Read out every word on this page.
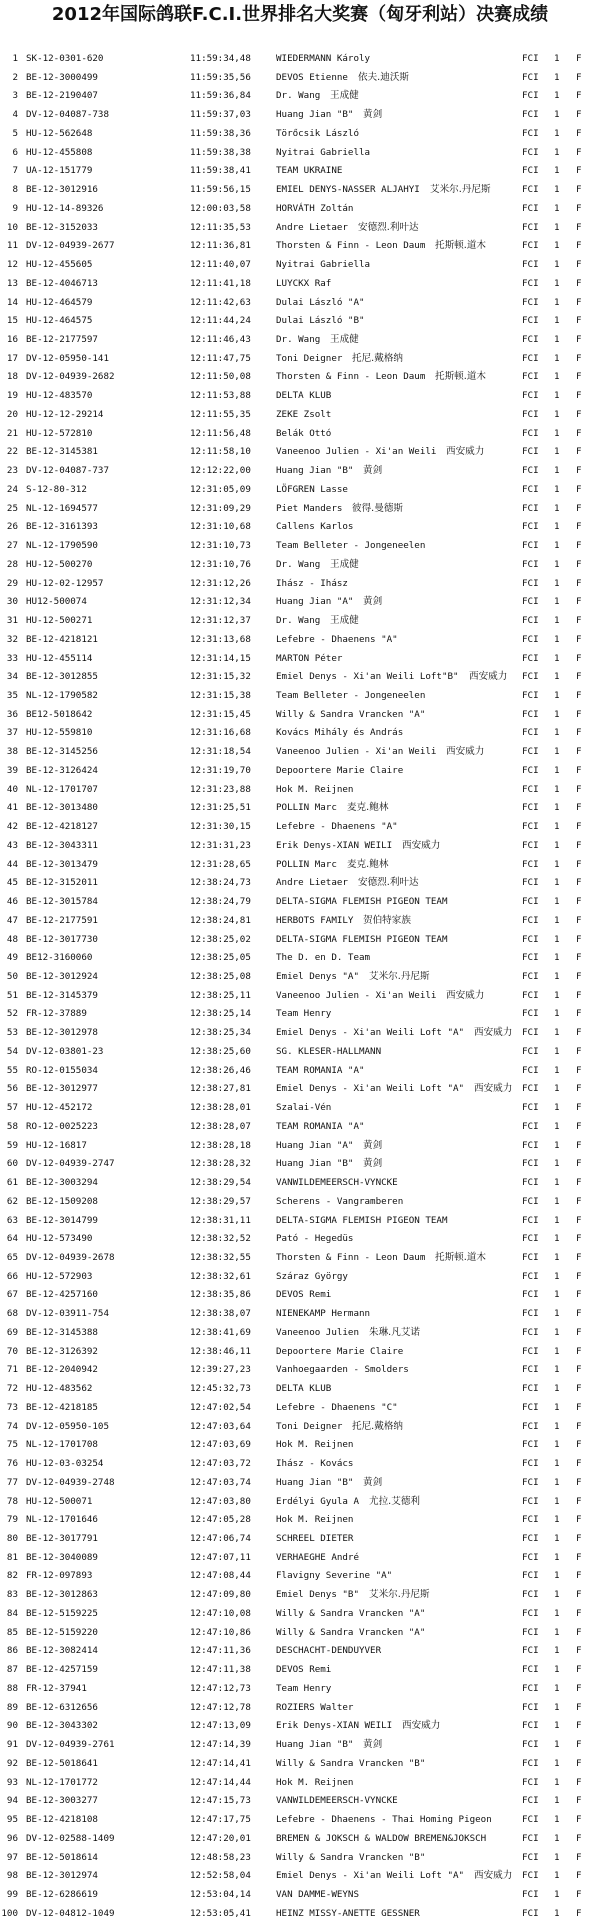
2012年国际鸽联F.C.I.世界排名大奖赛（匈牙利站）决赛成绩
1 SK-12-0301-620	11:59:34,48	WIEDERMANN Károly	FCI 1 F
2 BE-12-3000499	11:59:35,56	DEVOS Etienne 依夫.迪沃斯	FCI 1 F
3 BE-12-2190407	11:59:36,84	Dr. Wang 王成健	FCI 1 F
4 DV-12-04087-738	11:59:37,03	Huang Jian "B" 黄剑	FCI 1 F
5 HU-12-562648	11:59:38,36	Törőcsik László	FCI 1 F
6 HU-12-455808	11:59:38,38	Nyitrai Gabriella	FCI 1 F
7 UA-12-151779	11:59:38,41	TEAM UKRAINE	FCI 1 F
8 BE-12-3012916	11:59:56,15	EMIEL DENYS-NASSER ALJAHYI 艾米尔.丹尼斯	FCI 1 F
9 HU-12-14-89326	12:00:03,58	HORVÁTH Zoltán	FCI 1 F
10 BE-12-3152033	12:11:35,53	Andre Lietaer 安德烈.利叶达	FCI 1 F
11 DV-12-04939-2677	12:11:36,81	Thorsten & Finn - Leon Daum 托斯顿.道木	FCI 1 F
12 HU-12-455605	12:11:40,07	Nyitrai Gabriella	FCI 1 F
13 BE-12-4046713	12:11:41,18	LUYCKX Raf	FCI 1 F
14 HU-12-464579	12:11:42,63	Dulai László "A"	FCI 1 F
15 HU-12-464575	12:11:44,24	Dulai László "B"	FCI 1 F
16 BE-12-2177597	12:11:46,43	Dr. Wang 王成健	FCI 1 F
17 DV-12-05950-141	12:11:47,75	Toni Deigner 托尼.戴格纳	FCI 1 F
18 DV-12-04939-2682	12:11:50,08	Thorsten & Finn - Leon Daum 托斯顿.道木	FCI 1 F
19 HU-12-483570	12:11:53,88	DELTA KLUB	FCI 1 F
20 HU-12-12-29214	12:11:55,35	ZEKE Zsolt	FCI 1 F
21 HU-12-572810	12:11:56,48	Belák Ottó	FCI 1 F
22 BE-12-3145381	12:11:58,10	Vaneenoo Julien - Xi'an Weili 西安威力	FCI 1 F
23 DV-12-04087-737	12:12:22,00	Huang Jian "B" 黄剑	FCI 1 F
24 S-12-80-312	12:31:05,09	LÖFGREN Lasse	FCI 1 F
25 NL-12-1694577	12:31:09,29	Piet Manders 彼得.曼德斯	FCI 1 F
26 BE-12-3161393	12:31:10,68	Callens Karlos	FCI 1 F
27 NL-12-1790590	12:31:10,73	Team Belleter - Jongeneelen	FCI 1 F
28 HU-12-500270	12:31:10,76	Dr. Wang 王成健	FCI 1 F
29 HU-12-02-12957	12:31:12,26	Ihász - Ihász	FCI 1 F
30 HU12-500074	12:31:12,34	Huang Jian "A" 黄剑	FCI 1 F
31 HU-12-500271	12:31:12,37	Dr. Wang 王成健	FCI 1 F
32 BE-12-4218121	12:31:13,68	Lefebre - Dhaenens "A"	FCI 1 F
33 HU-12-455114	12:31:14,15	MARTON Péter	FCI 1 F
34 BE-12-3012855	12:31:15,32	Emiel Denys - Xi'an Weili Loft"B" 西安威力 FCI 1 F
35 NL-12-1790582	12:31:15,38	Team Belleter - Jongeneelen	FCI 1 F
36 BE12-5018642	12:31:15,45	Willy & Sandra Vrancken "A"	FCI 1 F
37 HU-12-559810	12:31:16,68	Kovács Mihály és András	FCI 1 F
38 BE-12-3145256	12:31:18,54	Vaneenoo Julien - Xi'an Weili 西安威力	FCI 1 F
39 BE-12-3126424	12:31:19,70	Depoortere Marie Claire	FCI 1 F
40 NL-12-1701707	12:31:23,88	Hok M. Reijnen	FCI 1 F
41 BE-12-3013480	12:31:25,51	POLLIN Marc 麦克.鲍林	FCI 1 F
42 BE-12-4218127	12:31:30,15	Lefebre - Dhaenens "A"	FCI 1 F
43 BE-12-3043311	12:31:31,23	Erik Denys-XIAN WEILI 西安威力	FCI 1 F
44 BE-12-3013479	12:31:28,65	POLLIN Marc 麦克.鲍林	FCI 1 F
45 BE-12-3152011	12:38:24,73	Andre Lietaer 安德烈.利叶达	FCI 1 F
46 BE-12-3015784	12:38:24,79	DELTA-SIGMA FLEMISH PIGEON TEAM	FCI 1 F
47 BE-12-2177591	12:38:24,81	HERBOTS FAMILY 贺伯特家族	FCI 1 F
48 BE-12-3017730	12:38:25,02	DELTA-SIGMA FLEMISH PIGEON TEAM	FCI 1 F
49 BE12-3160060	12:38:25,05	The D. en D. Team	FCI 1 F
50 BE-12-3012924	12:38:25,08	Emiel Denys "A" 艾米尔.丹尼斯	FCI 1 F
51 BE-12-3145379	12:38:25,11	Vaneenoo Julien - Xi'an Weili 西安威力	FCI 1 F
52 FR-12-37889	12:38:25,14	Team Henry	FCI 1 F
53 BE-12-3012978	12:38:25,34	Emiel Denys - Xi'an Weili Loft "A" 西安威力 FCI 1 F
54 DV-12-03801-23	12:38:25,60	SG. KLESER-HALLMANN	FCI 1 F
55 RO-12-0155034	12:38:26,46	TEAM ROMANIA "A"	FCI 1 F
56 BE-12-3012977	12:38:27,81	Emiel Denys - Xi'an Weili Loft "A" 西安威力 FCI 1 F
57 HU-12-452172	12:38:28,01	Szalai-Vén	FCI 1 F
58 RO-12-0025223	12:38:28,07	TEAM ROMANIA "A"	FCI 1 F
59 HU-12-16817	12:38:28,18	Huang Jian "A" 黄剑	FCI 1 F
60 DV-12-04939-2747	12:38:28,32	Huang Jian "B" 黄剑	FCI 1 F
61 BE-12-3003294	12:38:29,54	VANWILDEMEERSCH-VYNCKE	FCI 1 F
62 BE-12-1509208	12:38:29,57	Scherens - Vangramberen	FCI 1 F
63 BE-12-3014799	12:38:31,11	DELTA-SIGMA FLEMISH PIGEON TEAM	FCI 1 F
64 HU-12-573490	12:38:32,52	Pató - Hegedüs	FCI 1 F
65 DV-12-04939-2678	12:38:32,55	Thorsten & Finn - Leon Daum 托斯顿.道木	FCI 1 F
66 HU-12-572903	12:38:32,61	Száraz György	FCI 1 F
67 BE-12-4257160	12:38:35,86	DEVOS Remi	FCI 1 F
68 DV-12-03911-754	12:38:38,07	NIENEKAMP Hermann	FCI 1 F
69 BE-12-3145388	12:38:41,69	Vaneenoo Julien 朱琳.凡艾诺	FCI 1 F
70 BE-12-3126392	12:38:46,11	Depoortere Marie Claire	FCI 1 F
71 BE-12-2040942	12:39:27,23	Vanhoegaarden - Smolders	FCI 1 F
72 HU-12-483562	12:45:32,73	DELTA KLUB	FCI 1 F
73 BE-12-4218185	12:47:02,54	Lefebre - Dhaenens "C"	FCI 1 F
74 DV-12-05950-105	12:47:03,64	Toni Deigner 托尼.戴格纳	FCI 1 F
75 NL-12-1701708	12:47:03,69	Hok M. Reijnen	FCI 1 F
76 HU-12-03-03254	12:47:03,72	Ihász - Kovács	FCI 1 F
77 DV-12-04939-2748	12:47:03,74	Huang Jian "B" 黄剑	FCI 1 F
78 HU-12-500071	12:47:03,80	Erdélyi Gyula A 尤拉.艾德利	FCI 1 F
79 NL-12-1701646	12:47:05,28	Hok M. Reijnen	FCI 1 F
80 BE-12-3017791	12:47:06,74	SCHREEL DIETER	FCI 1 F
81 BE-12-3040089	12:47:07,11	VERHAEGHE André	FCI 1 F
82 FR-12-097893	12:47:08,44	Flavigny Severine "A"	FCI 1 F
83 BE-12-3012863	12:47:09,80	Emiel Denys "B" 艾米尔.丹尼斯	FCI 1 F
84 BE-12-5159225	12:47:10,08	Willy & Sandra Vrancken "A"	FCI 1 F
85 BE-12-5159220	12:47:10,86	Willy & Sandra Vrancken "A"	FCI 1 F
86 BE-12-3082414	12:47:11,36	DESCHACHT-DENDUYVER	FCI 1 F
87 BE-12-4257159	12:47:11,38	DEVOS Remi	FCI 1 F
88 FR-12-37941	12:47:12,73	Team Henry	FCI 1 F
89 BE-12-6312656	12:47:12,78	ROZIERS Walter	FCI 1 F
90 BE-12-3043302	12:47:13,09	Erik Denys-XIAN WEILI 西安威力	FCI 1 F
91 DV-12-04939-2761	12:47:14,39	Huang Jian "B" 黄剑	FCI 1 F
92 BE-12-5018641	12:47:14,41	Willy & Sandra Vrancken "B"	FCI 1 F
93 NL-12-1701772	12:47:14,44	Hok M. Reijnen	FCI 1 F
94 BE-12-3003277	12:47:15,73	VANWILDEMEERSCH-VYNCKE	FCI 1 F
95 BE-12-4218108	12:47:17,75	Lefebre - Dhaenens - Thai Homing Pigeon	FCI 1 F
96 DV-12-02588-1409	12:47:20,01	BREMEN & JOKSCH & WALDOW BREMEN&JOKSCH	FCI 1 F
97 BE-12-5018614	12:48:58,23	Willy & Sandra Vrancken "B"	FCI 1 F
98 BE-12-3012974	12:52:58,04	Emiel Denys - Xi'an Weili Loft "A" 西安威力 FCI 1 F
99 BE-12-6286619	12:53:04,14	VAN DAMME-WEYNS	FCI 1 F
100 DV-12-04812-1049	12:53:05,41	HEINZ MISSY-ANETTE GESSNER	FCI 1 F
